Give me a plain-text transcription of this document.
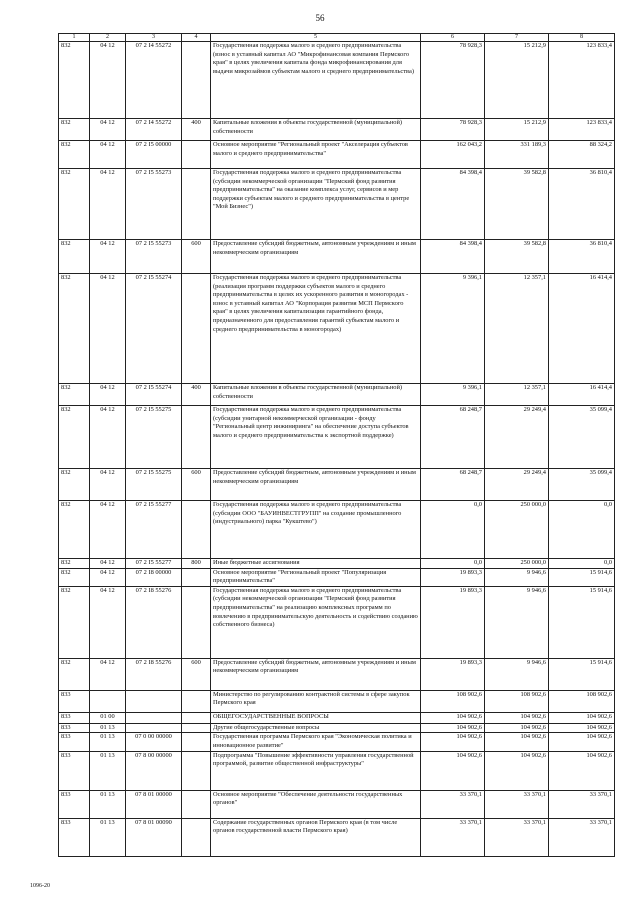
56
1	2	3	4	5	6	7	8
832	04 12	07 2 I4 55272		Государственная поддержка малого и среднего предпринимательства (взнос в уставный капитал АО "Микрофинансовая компания Пермского края" в целях увеличения капитала фонда микрофинансирования для выдачи микрозаймов субъектам малого и среднего предпринимательства)	78 928,3	15 212,9	123 833,4
832	04 12	07 2 I4 55272	400	Капитальные вложения в объекты государственной (муниципальной) собственности	78 928,3	15 212,9	123 833,4
832	04 12	07 2 I5 00000		Основное мероприятие "Региональный проект "Акселерация субъектов малого и среднего предпринимательства"	162 043,2	331 189,3	88 324,2
832	04 12	07 2 I5 55273		Государственная поддержка малого и среднего предпринимательства (субсидии некоммерческой организации "Пермский фонд развития предпринимательства" на оказание комплекса услуг, сервисов и мер поддержки субъектам малого и среднего предпринимательства в центре "Мой Бизнес")	84 398,4	39 582,8	36 810,4
832	04 12	07 2 I5 55273	600	Предоставление субсидий бюджетным, автономным учреждениям и иным некоммерческим организациям	84 398,4	39 582,8	36 810,4
832	04 12	07 2 I5 55274		Государственная поддержка малого и среднего предпринимательства (реализация программ поддержки субъектов малого и среднего предпринимательства в целях их ускоренного развития в моногородах - взнос в уставный капитал АО "Корпорация развития МСП Пермского края" в целях увеличения капитализации гарантийного фонда, предназначенного для предоставления гарантий субъектам малого и среднего предпринимательства в моногородах)	9 396,1	12 357,1	16 414,4
832	04 12	07 2 I5 55274	400	Капитальные вложения в объекты государственной (муниципальной) собственности	9 396,1	12 357,1	16 414,4
832	04 12	07 2 I5 55275		Государственная поддержка малого и среднего предпринимательства (субсидии унитарной некоммерческой организации - фонду "Региональный центр инжиниринга" на обеспечение доступа субъектов малого и среднего предпринимательства к экспортной поддержке)	68 248,7	29 249,4	35 099,4
832	04 12	07 2 I5 55275	600	Предоставление субсидий бюджетным, автономным учреждениям и иным некоммерческим организациям	68 248,7	29 249,4	35 099,4
832	04 12	07 2 I5 55277		Государственная поддержка малого и среднего предпринимательства (субсидии ООО "БАУИНВЕСТГРУПП" на создание промышленного (индустриального) парка "Кукштево")	0,0	250 000,0	0,0
832	04 12	07 2 I5 55277	800	Иные бюджетные ассигнования	0,0	250 000,0	0,0
832	04 12	07 2 I8 00000		Основное мероприятие "Региональный проект "Популяризация предпринимательства"	19 893,3	9 946,6	15 914,6
832	04 12	07 2 I8 55276		Государственная поддержка малого и среднего предпринимательства (субсидии некоммерческой организации "Пермский фонд развития предпринимательства" на реализацию комплексных программ по вовлечению в предпринимательскую деятельность и содействию созданию собственного бизнеса)	19 893,3	9 946,6	15 914,6
832	04 12	07 2 I8 55276	600	Предоставление субсидий бюджетным, автономным учреждениям и иным некоммерческим организациям	19 893,3	9 946,6	15 914,6
833				Министерство по регулированию контрактной системы в сфере закупок Пермского края	108 902,6	108 902,6	108 902,6
833	01 00			ОБЩЕГОСУДАРСТВЕННЫЕ ВОПРОСЫ	104 902,6	104 902,6	104 902,6
833	01 13			Другие общегосударственные вопросы	104 902,6	104 902,6	104 902,6
833	01 13	07 0 00 00000		Государственная программа Пермского края "Экономическая политика и инновационное развитие"	104 902,6	104 902,6	104 902,6
833	01 13	07 8 00 00000		Подпрограмма "Повышение эффективности управления государственной программой, развитие общественной инфраструктуры"	104 902,6	104 902,6	104 902,6
833	01 13	07 8 01 00000		Основное мероприятие "Обеспечение деятельности государственных органов"	33 370,1	33 370,1	33 370,1
833	01 13	07 8 01 00090		Содержание государственных органов Пермского края (в том числе органов государственной власти Пермского края)	33 370,1	33 370,1	33 370,1
1096-20
